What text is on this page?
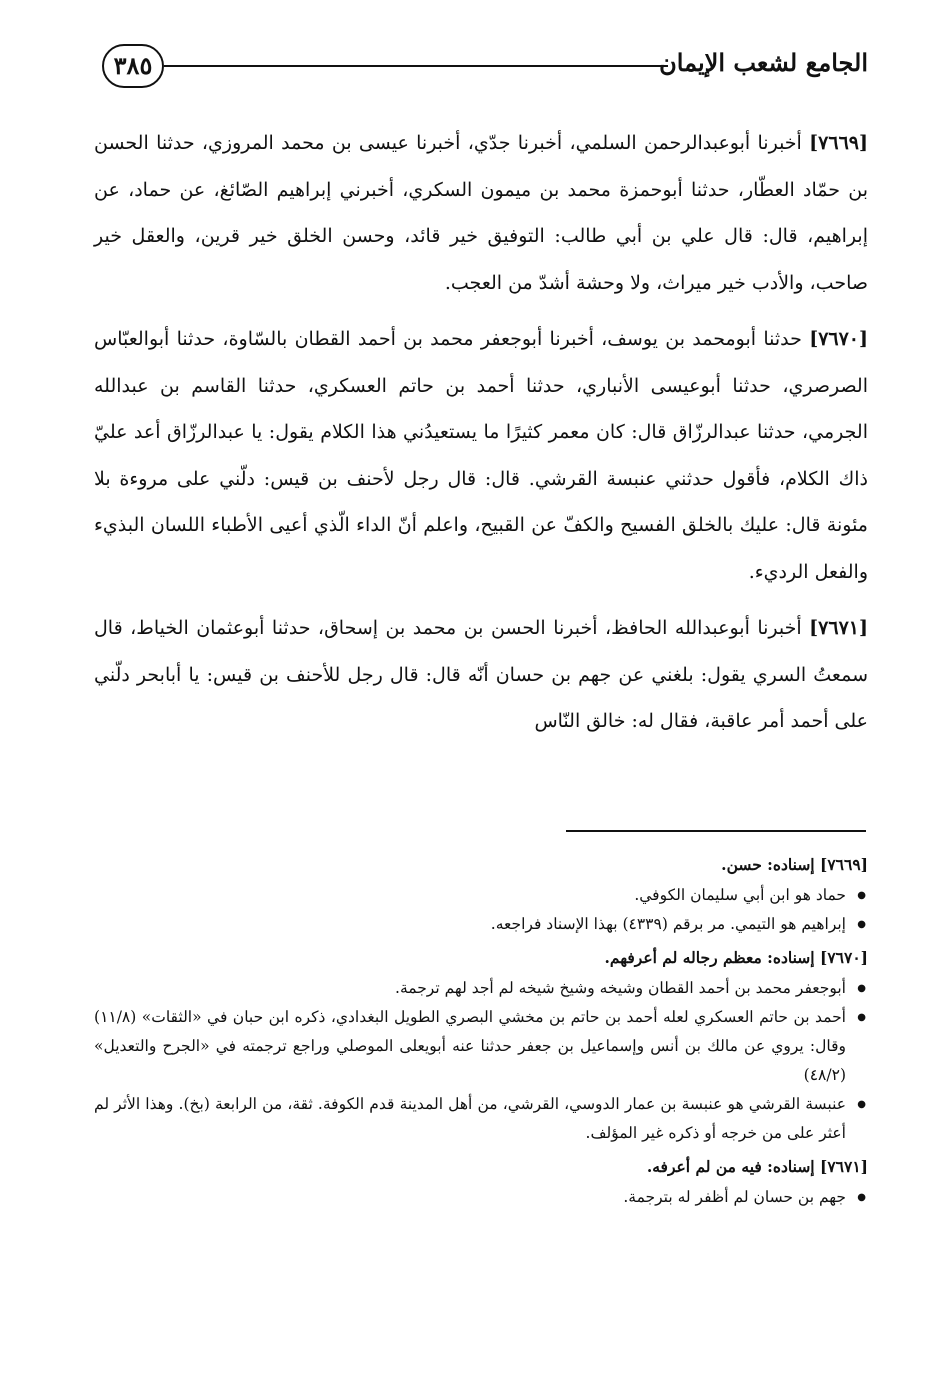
٣٨٥	الجامع لشعب الإيمان

[٧٦٦٩] أخبرنا أبوعبدالرحمن السلمي، أخبرنا جدّي، أخبرنا عيسى بن محمد المروزي، حدثنا الحسن بن حمّاد العطّار، حدثنا أبوحمزة محمد بن ميمون السكري، أخبرني إبراهيم الصّائغ، عن حماد، عن إبراهيم، قال: قال علي بن أبي طالب: التوفيق خير قائد، وحسن الخلق خير قرين، والعقل خير صاحب، والأدب خير ميراث، ولا وحشة أشدّ من العجب.

[٧٦٧٠] حدثنا أبومحمد بن يوسف، أخبرنا أبوجعفر محمد بن أحمد القطان بالسّاوة، حدثنا أبوالعبّاس الصرصري، حدثنا أبوعيسى الأنباري، حدثنا أحمد بن حاتم العسكري، حدثنا القاسم بن عبدالله الجرمي، حدثنا عبدالرزّاق قال: كان معمر كثيرًا ما يستعيدُني هذا الكلام يقول: يا عبدالرزّاق أعد عليّ ذاك الكلام، فأقول حدثني عنبسة القرشي. قال: قال رجل لأحنف بن قيس: دلّني على مروءة بلا مئونة قال: عليك بالخلق الفسيح والكفّ عن القبيح، واعلم أنّ الداء الّذي أعيى الأطباء اللسان البذيء والفعل الرديء.

[٧٦٧١] أخبرنا أبوعبدالله الحافظ، أخبرنا الحسن بن محمد بن إسحاق، حدثنا أبوعثمان الخياط، قال سمعتُ السري يقول: بلغني عن جهم بن حسان أنّه قال: قال رجل للأحنف بن قيس: يا أبابحر دلّني على أحمد أمر عاقبة، فقال له: خالق النّاس

[٧٦٦٩] إسناده: حسن.
● حماد هو ابن أبي سليمان الكوفي.
● إبراهيم هو التيمي. مر برقم (٤٣٣٩) بهذا الإسناد فراجعه.
[٧٦٧٠] إسناده: معظم رجاله لم أعرفهم.
● أبوجعفر محمد بن أحمد القطان وشيخه وشيخ شيخه لم أجد لهم ترجمة.
● أحمد بن حاتم العسكري لعله أحمد بن حاتم بن مخشي البصري الطويل البغدادي، ذكره ابن حبان في «الثقات» (١١/٨) وقال: يروي عن مالك بن أنس وإسماعيل بن جعفر حدثنا عنه أبويعلى الموصلي وراجع ترجمته في «الجرح والتعديل» (٤٨/٢)
● عنبسة القرشي هو عنبسة بن عمار الدوسي، القرشي، من أهل المدينة قدم الكوفة. ثقة، من الرابعة (بخ). وهذا الأثر لم أعثر على من خرجه أو ذكره غير المؤلف.
[٧٦٧١] إسناده: فيه من لم أعرفه.
● جهم بن حسان لم أظفر له بترجمة.
